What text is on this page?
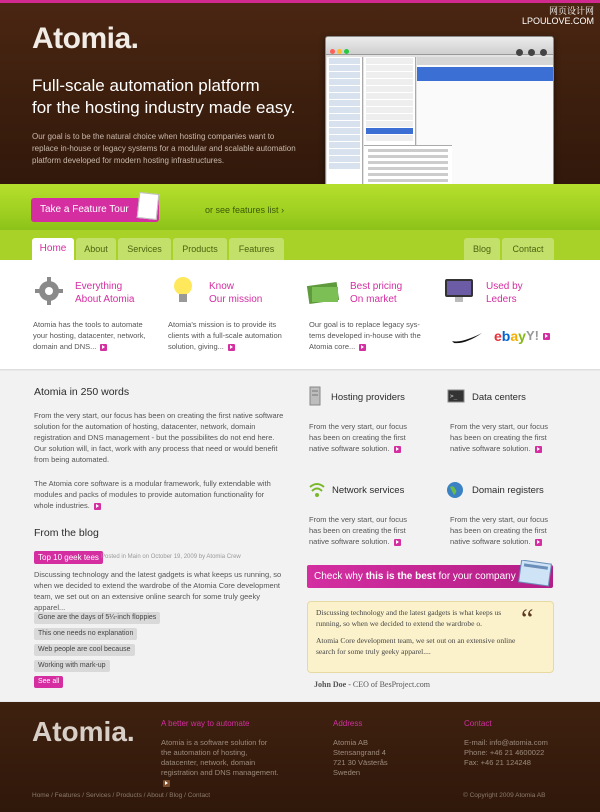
Atomia.
网页设计网
LPOULOVE.COM
Full-scale automation platform
for the hosting industry made easy.
Our goal is to be the natural choice when hosting companies want to replace in-house or legacy systems for a modular and scalable automation platform developed for modern hosting infrastructures.
Take a Feature Tour	or see features list ›
Home	About	Services	Products	Features	Blog	Contact
Everything
About Atomia
Atomia has the tools to automate your hosting, datacenter, network, domain and DNS...
Know
Our mission
Atomia's mission is to provide its clients with a full-scale automation solution, giving...
Best pricing
On market
Our goal is to replace legacy sys-tems developed in-house with the Atomia core...
Used by
Leders
ebay Y!
Atomia in 250 words
From the very start, our focus has been on creating the first native software solution for the automation of hosting, datacenter, network, domain registration and DNS management - but the possibilites do not end here. Our solution will, in fact, work with any process that need or would benefit from being automated.
The Atomia core software is a modular framework, fully extendable with modules and packs of modules to provide automation functionality for whole industries.
From the blog
Top 10 geek tees Posted in Main on October 19, 2009 by Atomia Crew
Discussing technology and the latest gadgets is what keeps us running, so when we decided to extend the wardrobe of the Atomia Core development team, we set out on an extensive online search for some truly geeky apparel...
Gone are the days of 5¼-inch floppies
This one needs no explanation
Web people are cool because
Working with mark-up
See all
Hosting providers
From the very start, our focus has been on creating the first native software solution.
>_ Data centers
From the very start, our focus has been on creating the first native software solution.
Network services
From the very start, our focus has been on creating the first native software solution.
Domain registers
From the very start, our focus has been on creating the first native software solution.
Check why this is the best for your company
Discussing technology and the latest gadgets is what keeps us running, so when we decided to extend the wardrobe o.
Atomia Core development team, we set out on an extensive online search for some truly geeky apparel....
“
John Doe - CEO of BesProject.com
Atomia.	A better way to automate
Atomia is a software solution for the automation of hosting, datacenter, network, domain registration and DNS management.
Address
Atomia AB
Stensangrand 4
721 30 Västerås
Sweden
Contact
E-mail: info@atomia.com
Phone: +46 21 4600022
Fax: +46 21 124248
Home / Features / Services / Products / About / Blog / Contact	© Copyright 2009 Atomia AB
